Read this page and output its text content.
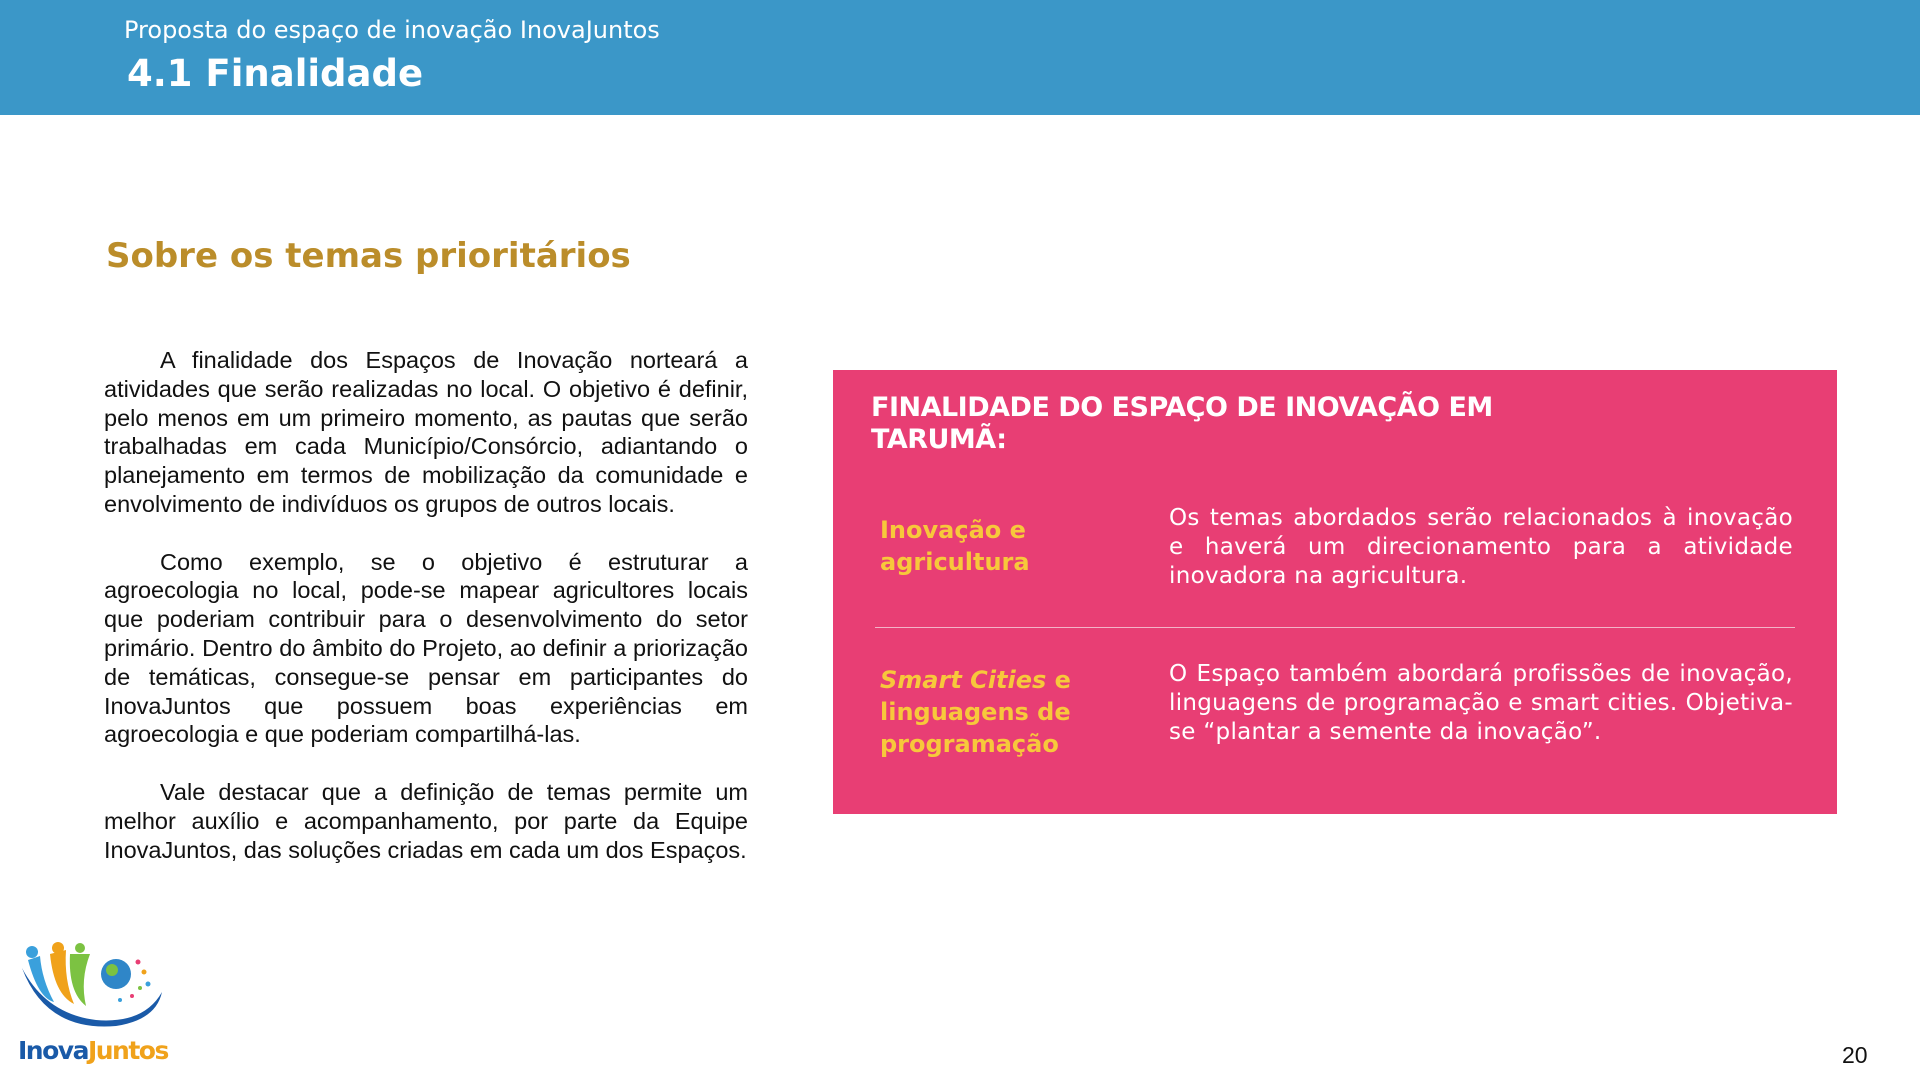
Proposta do espaço de inovação InovaJuntos
4.1 Finalidade
Sobre os temas prioritários

A finalidade dos Espaços de Inovação norteará a atividades que serão realizadas no local. O objetivo é definir, pelo menos em um primeiro momento, as pautas que serão trabalhadas em cada Município/Consórcio, adiantando o planejamento em termos de mobilização da comunidade e envolvimento de indivíduos os grupos de outros locais.

Como exemplo, se o objetivo é estruturar a agroecologia no local, pode-se mapear agricultores locais que poderiam contribuir para o desenvolvimento do setor primário. Dentro do âmbito do Projeto, ao definir a priorização de temáticas, consegue-se pensar em participantes do InovaJuntos que possuem boas experiências em agroecologia e que poderiam compartilhá-las.

Vale destacar que a definição de temas permite um melhor auxílio e acompanhamento, por parte da Equipe InovaJuntos, das soluções criadas em cada um dos Espaços.

FINALIDADE DO ESPAÇO DE INOVAÇÃO EM TARUMÃ:
Inovação e agricultura
Os temas abordados serão relacionados à inovação e haverá um direcionamento para a atividade inovadora na agricultura.
Smart Cities e linguagens de programação
O Espaço também abordará profissões de inovação, linguagens de programação e smart cities. Objetiva-se “plantar a semente da inovação”.
InovaJuntos	20
